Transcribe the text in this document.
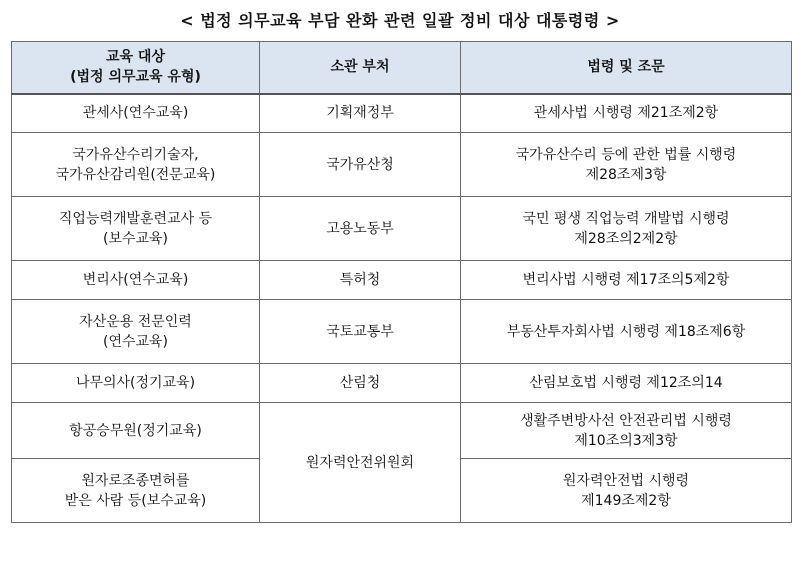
< 법정 의무교육 부담 완화 관련 일괄 정비 대상 대통령령 >
교육 대상
(법정 의무교육 유형)	소관 부처	법령 및 조문

관세사(연수교육)	기획재정부	관세사법 시행령 제21조제2항

국가유산수리기술자,
국가유산감리원(전문교육)	국가유산청	국가유산수리 등에 관한 법률 시행령
제28조제3항

직업능력개발훈련교사 등
(보수교육)	고용노동부	국민 평생 직업능력 개발법 시행령
제28조의2제2항

변리사(연수교육)	특허청	변리사법 시행령 제17조의5제2항

자산운용 전문인력
(연수교육)	국토교통부	부동산투자회사법 시행령 제18조제6항

나무의사(정기교육)	산림청	산림보호법 시행령 제12조의14

항공승무원(정기교육)	원자력안전위원회	생활주변방사선 안전관리법 시행령
제10조의3제3항

원자로조종면허를
받은 사람 등(보수교육)		원자력안전법 시행령
제149조제2항
